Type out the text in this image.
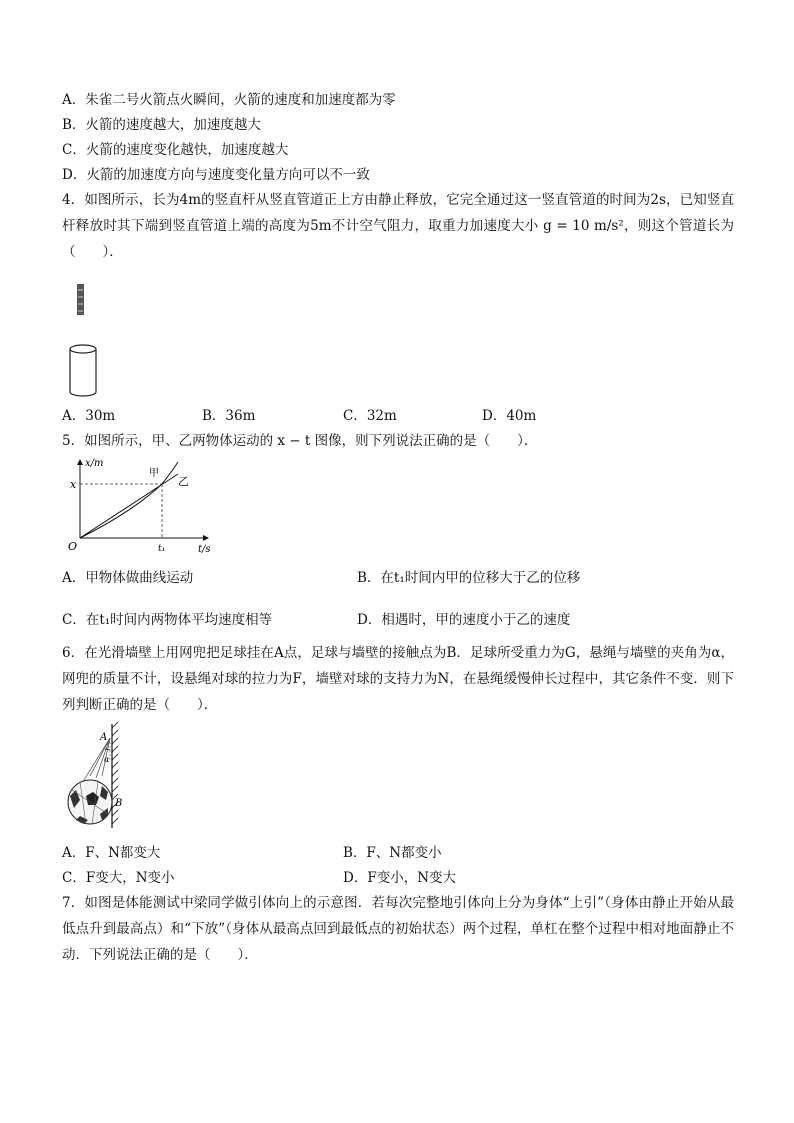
A．朱雀二号火箭点火瞬间，火箭的速度和加速度都为零
B．火箭的速度越大，加速度越大
C．火箭的速度变化越快，加速度越大
D．火箭的加速度方向与速度变化量方向可以不一致
4．如图所示，长为4m的竖直杆从竖直管道正上方由静止释放，它完全通过这一竖直管道的时间为2s，已知竖直杆释放时其下端到竖直管道上端的高度为5m不计空气阻力，取重力加速度大小 g = 10 m/s²，则这个管道长为（　　）．
A．30m	B．36m	C．32m	D．40m
5．如图所示，甲、乙两物体运动的 x − t 图像，则下列说法正确的是（　　）．
x/m
t/s
O
x
t₁
甲
乙
A．甲物体做曲线运动	B．在t₁时间内甲的位移大于乙的位移
C．在t₁时间内两物体平均速度相等	D．相遇时，甲的速度小于乙的速度
6．在光滑墙壁上用网兜把足球挂在A点，足球与墙壁的接触点为B．足球所受重力为G，悬绳与墙壁的夹角为α，网兜的质量不计，设悬绳对球的拉力为F，墙壁对球的支持力为N，在悬绳缓慢伸长过程中，其它条件不变．则下列判断正确的是（　　）．
A
α
B
A．F、N都变大	B．F、N都变小
C．F变大，N变小	D．F变小，N变大
7．如图是体能测试中梁同学做引体向上的示意图．若每次完整地引体向上分为身体“上引”（身体由静止开始从最低点升到最高点）和“下放”（身体从最高点回到最低点的初始状态）两个过程，单杠在整个过程中相对地面静止不动．下列说法正确的是（　　）．
